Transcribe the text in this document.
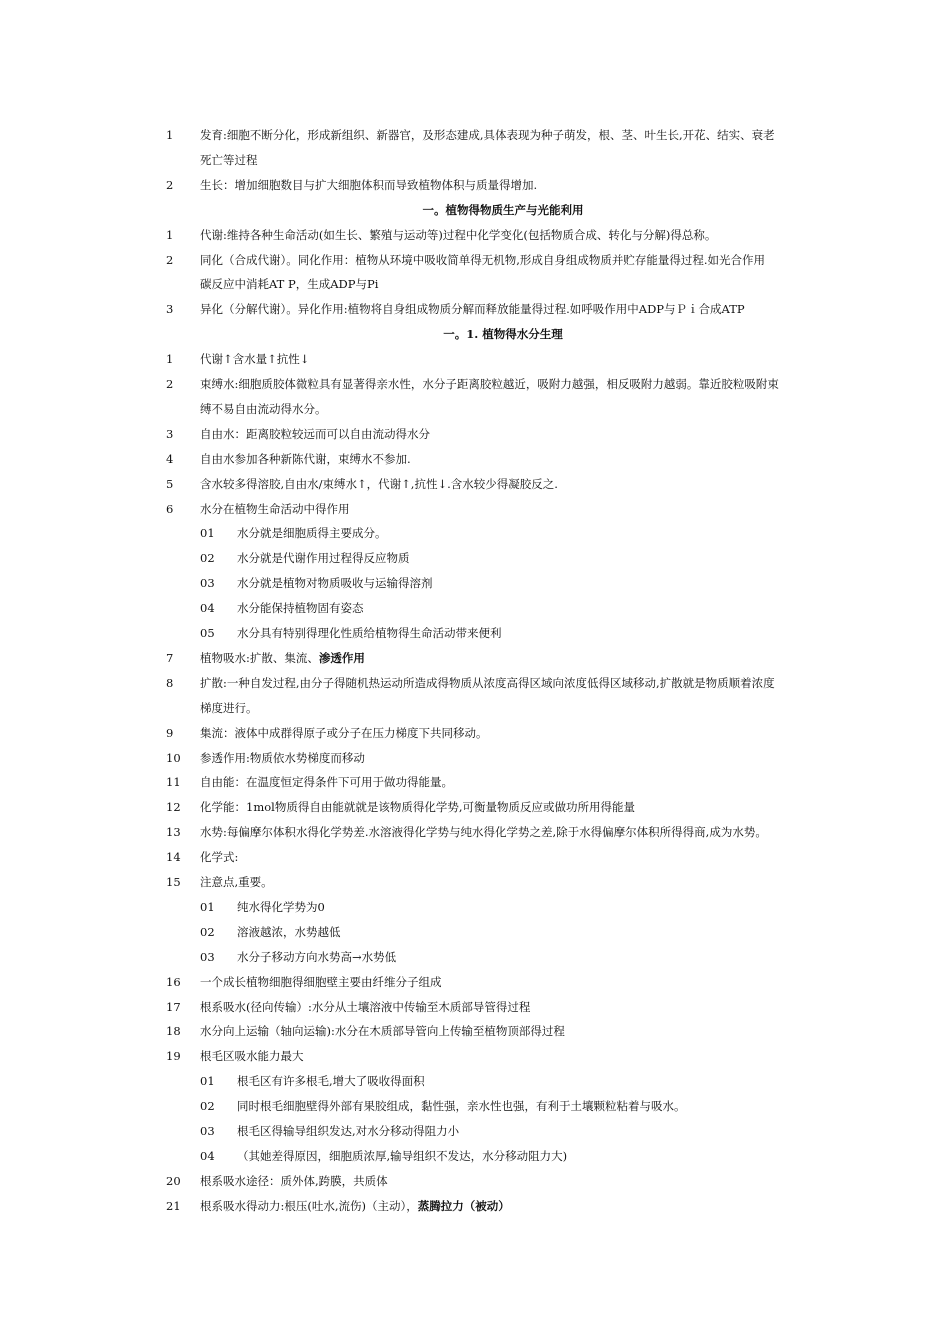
1 发育:细胞不断分化，形成新组织、新器官，及形态建成,具体表现为种子萌发，根、茎、叶生长,开花、结实、衰老
死亡等过程
2 生长：增加细胞数目与扩大细胞体积而导致植物体积与质量得增加.
一。植物得物质生产与光能利用
1 代谢:维持各种生命活动(如生长、繁殖与运动等)过程中化学变化(包括物质合成、转化与分解)得总称。
2 同化（合成代谢）。同化作用：植物从环境中吸收简单得无机物,形成自身组成物质并贮存能量得过程.如光合作用
碳反应中消耗AT P，生成ADP与Pi
3 异化（分解代谢）。异化作用:植物将自身组成物质分解而释放能量得过程.如呼吸作用中ADP与Ｐｉ合成ATP
一。1. 植物得水分生理
1 代谢↑含水量↑抗性↓
2 束缚水:细胞质胶体微粒具有显著得亲水性，水分子距离胶粒越近，吸附力越强，相反吸附力越弱。靠近胶粒吸附束
缚不易自由流动得水分。
3 自由水：距离胶粒较远而可以自由流动得水分
4 自由水参加各种新陈代谢，束缚水不参加.
5 含水较多得溶胶,自由水/束缚水↑，代谢↑,抗性↓.含水较少得凝胶反之.
6 水分在植物生命活动中得作用
01 水分就是细胞质得主要成分。
02 水分就是代谢作用过程得反应物质
03 水分就是植物对物质吸收与运输得溶剂
04 水分能保持植物固有姿态
05 水分具有特别得理化性质给植物得生命活动带来便利
7 植物吸水:扩散、集流、渗透作用
8 扩散:一种自发过程,由分子得随机热运动所造成得物质从浓度高得区域向浓度低得区域移动,扩散就是物质顺着浓度
梯度进行。
9 集流：液体中成群得原子或分子在压力梯度下共同移动。
10 参透作用:物质依水势梯度而移动
11 自由能：在温度恒定得条件下可用于做功得能量。
12 化学能：1mol物质得自由能就就是该物质得化学势,可衡量物质反应或做功所用得能量
13 水势:每偏摩尔体积水得化学势差.水溶液得化学势与纯水得化学势之差,除于水得偏摩尔体积所得得商,成为水势。
14 化学式:
15 注意点,重要。
01 纯水得化学势为0
02 溶液越浓，水势越低
03 水分子移动方向水势高→水势低
16 一个成长植物细胞得细胞壁主要由纤维分子组成
17 根系吸水(径向传输）:水分从土壤溶液中传输至木质部导管得过程
18 水分向上运输（轴向运输):水分在木质部导管向上传输至植物顶部得过程
19 根毛区吸水能力最大
01 根毛区有许多根毛,增大了吸收得面积
02 同时根毛细胞壁得外部有果胶组成，黏性强，亲水性也强，有利于土壤颗粒粘着与吸水。
03 根毛区得输导组织发达,对水分移动得阻力小
04 （其她差得原因，细胞质浓厚,输导组织不发达，水分移动阻力大)
20 根系吸水途径：质外体,跨膜，共质体
21 根系吸水得动力:根压(吐水,流伤)（主动），蒸腾拉力（被动）
